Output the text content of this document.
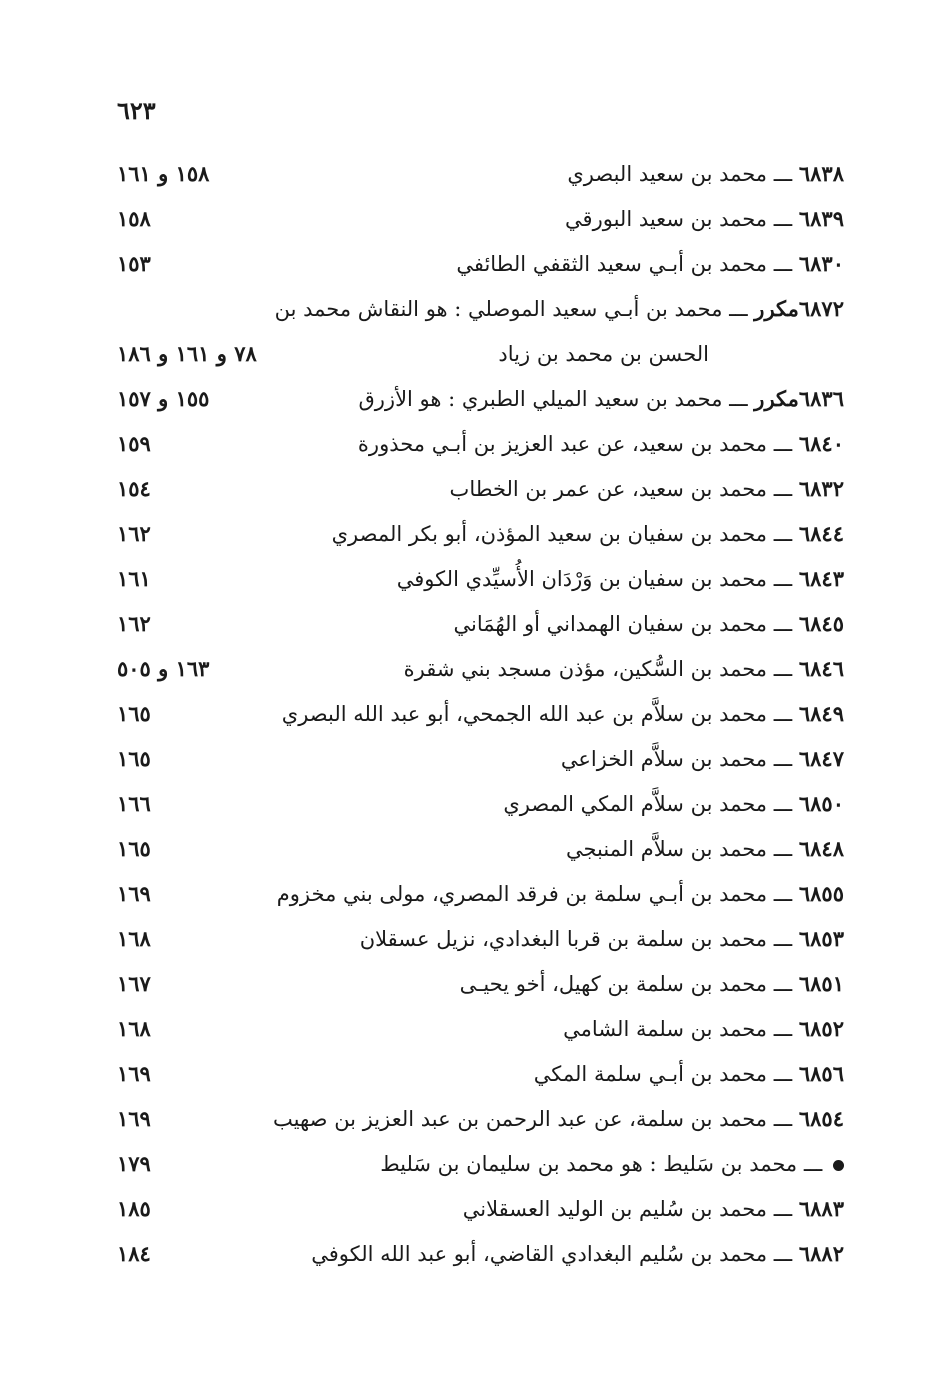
٦٢٣
٦٨٣٨ ـــ محمد بن سعيد البصري
١٥٨ و ١٦١
٦٨٣٩ ـــ محمد بن سعيد البورقي
١٥٨
٦٨٣٠ ـــ محمد بن أبـي سعيد الثقفي الطائفي
١٥٣
٦٨٧٢مكرر ـــ محمد بن أبـي سعيد الموصلي : هو النقاش محمد بن
الحسن بن محمد بن زياد
٧٨ و ١٦١ و ١٨٦
٦٨٣٦مكرر ـــ محمد بن سعيد الميلي الطبري : هو الأزرق
١٥٥ و ١٥٧
٦٨٤٠ ـــ محمد بن سعيد، عن عبد العزيز بن أبـي محذورة
١٥٩
٦٨٣٢ ـــ محمد بن سعيد، عن عمر بن الخطاب
١٥٤
٦٨٤٤ ـــ محمد بن سفيان بن سعيد المؤذن، أبو بكر المصري
١٦٢
٦٨٤٣ ـــ محمد بن سفيان بن وَرْدَان الأُسيِّدي الكوفي
١٦١
٦٨٤٥ ـــ محمد بن سفيان الهمداني أو الهُمَاني
١٦٢
٦٨٤٦ ـــ محمد بن السُّكين، مؤذن مسجد بني شقرة
١٦٣ و ٥٠٥
٦٨٤٩ ـــ محمد بن سلاَّم بن عبد الله الجمحي، أبو عبد الله البصري
١٦٥
٦٨٤٧ ـــ محمد بن سلاَّم الخزاعي
١٦٥
٦٨٥٠ ـــ محمد بن سلاَّم المكي المصري
١٦٦
٦٨٤٨ ـــ محمد بن سلاَّم المنبجي
١٦٥
٦٨٥٥ ـــ محمد بن أبـي سلمة بن فرقد المصري، مولى بني مخزوم
١٦٩
٦٨٥٣ ـــ محمد بن سلمة بن قربا البغدادي، نزيل عسقلان
١٦٨
٦٨٥١ ـــ محمد بن سلمة بن كهيل، أخو يحيـى
١٦٧
٦٨٥٢ ـــ محمد بن سلمة الشامي
١٦٨
٦٨٥٦ ـــ محمد بن أبـي سلمة المكي
١٦٩
٦٨٥٤ ـــ محمد بن سلمة، عن عبد الرحمن بن عبد العزيز بن صهيب
١٦٩
ـــ محمد بن سَليط : هو محمد بن سليمان بن سَليط
١٧٩
٦٨٨٣ ـــ محمد بن سُليم بن الوليد العسقلاني
١٨٥
٦٨٨٢ ـــ محمد بن سُليم البغدادي القاضي، أبو عبد الله الكوفي
١٨٤
